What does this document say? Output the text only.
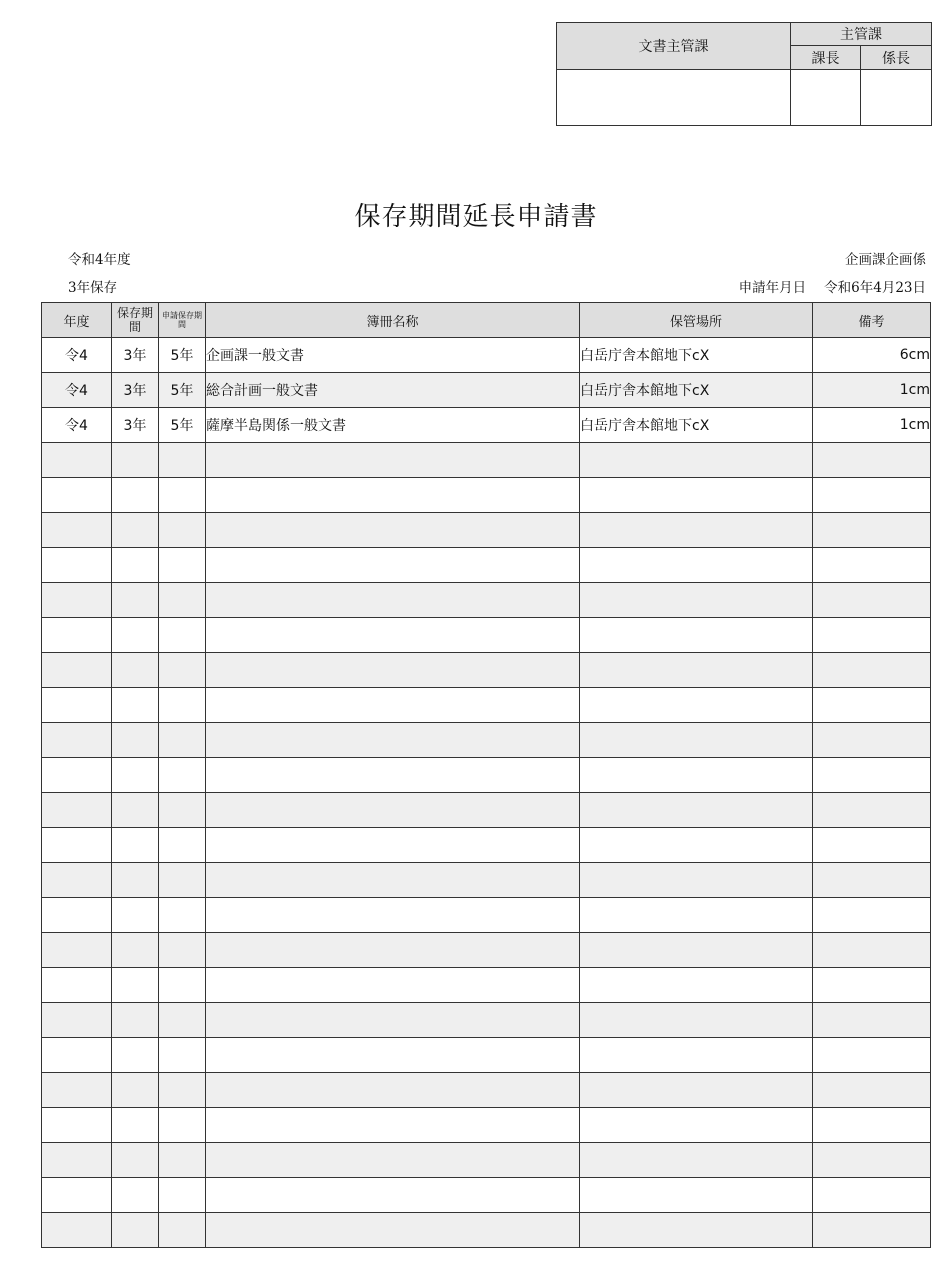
文書主管課	主管課	
	課長	係長

保存期間延長申請書
令和4年度	企画課企画係
3年保存	申請年月日 令和6年4月23日
年度	保存期間	申請保存期間	簿冊名称	保管場所	備考
令4	3年	5年	企画課一般文書	白岳庁舎本館地下cX	6cm
令4	3年	5年	総合計画一般文書	白岳庁舎本館地下cX	1cm
令4	3年	5年	薩摩半島関係一般文書	白岳庁舎本館地下cX	1cm
